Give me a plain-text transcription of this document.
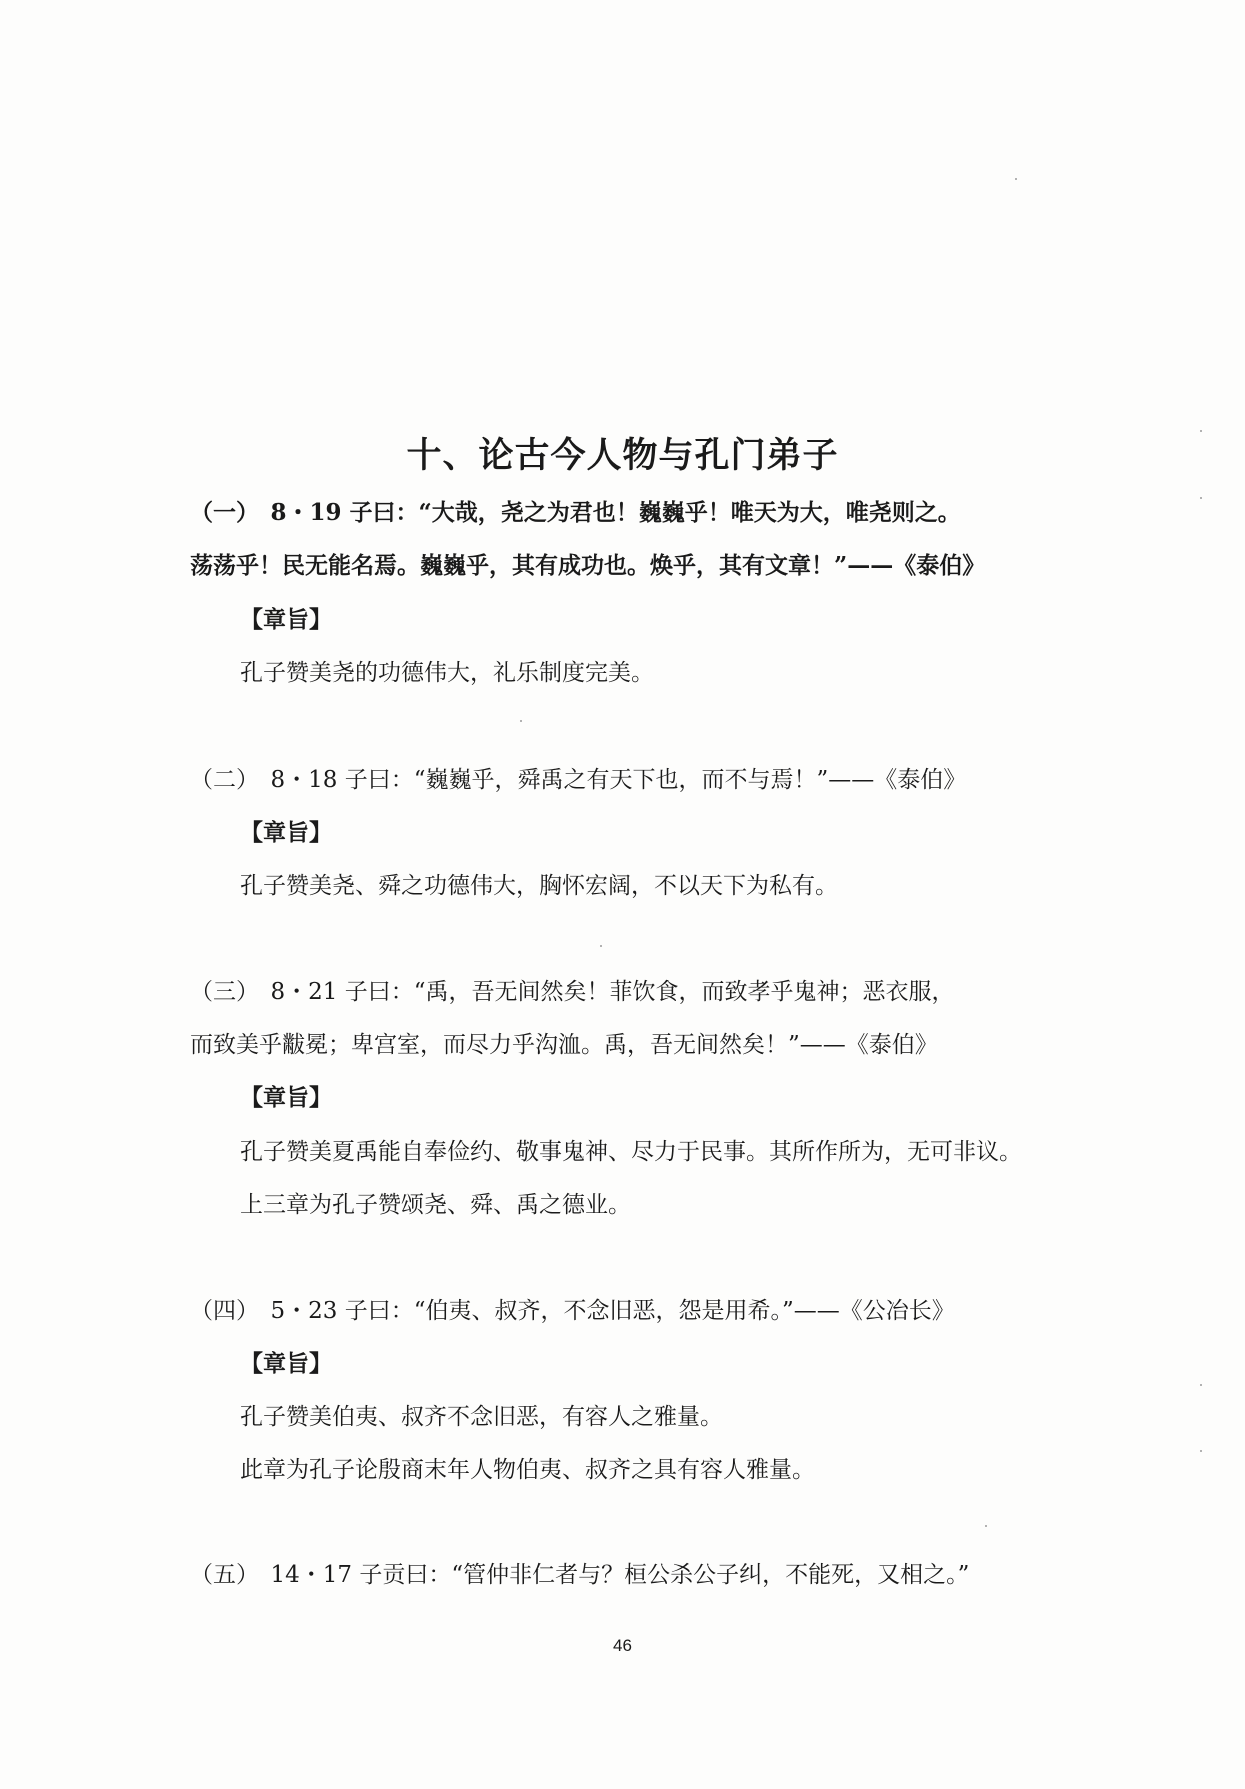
十、论古今人物与孔门弟子
（一）　8・19 子曰：“大哉，尧之为君也！巍巍乎！唯天为大，唯尧则之。
荡荡乎！民无能名焉。巍巍乎，其有成功也。焕乎，其有文章！”——《泰伯》
【章旨】
孔子赞美尧的功德伟大，礼乐制度完美。
（二）　8・18 子曰：“巍巍乎，舜禹之有天下也，而不与焉！”——《泰伯》
【章旨】
孔子赞美尧、舜之功德伟大，胸怀宏阔，不以天下为私有。
（三）　8・21 子曰：“禹，吾无间然矣！菲饮食，而致孝乎鬼神；恶衣服，
而致美乎黻冕；卑宫室，而尽力乎沟洫。禹，吾无间然矣！”——《泰伯》
【章旨】
孔子赞美夏禹能自奉俭约、敬事鬼神、尽力于民事。其所作所为，无可非议。
上三章为孔子赞颂尧、舜、禹之德业。
（四）　5・23 子曰：“伯夷、叔齐，不念旧恶，怨是用希。”——《公冶长》
【章旨】
孔子赞美伯夷、叔齐不念旧恶，有容人之雅量。
此章为孔子论殷商末年人物伯夷、叔齐之具有容人雅量。
（五）　14・17 子贡曰：“管仲非仁者与？桓公杀公子纠，不能死，又相之。”
46
